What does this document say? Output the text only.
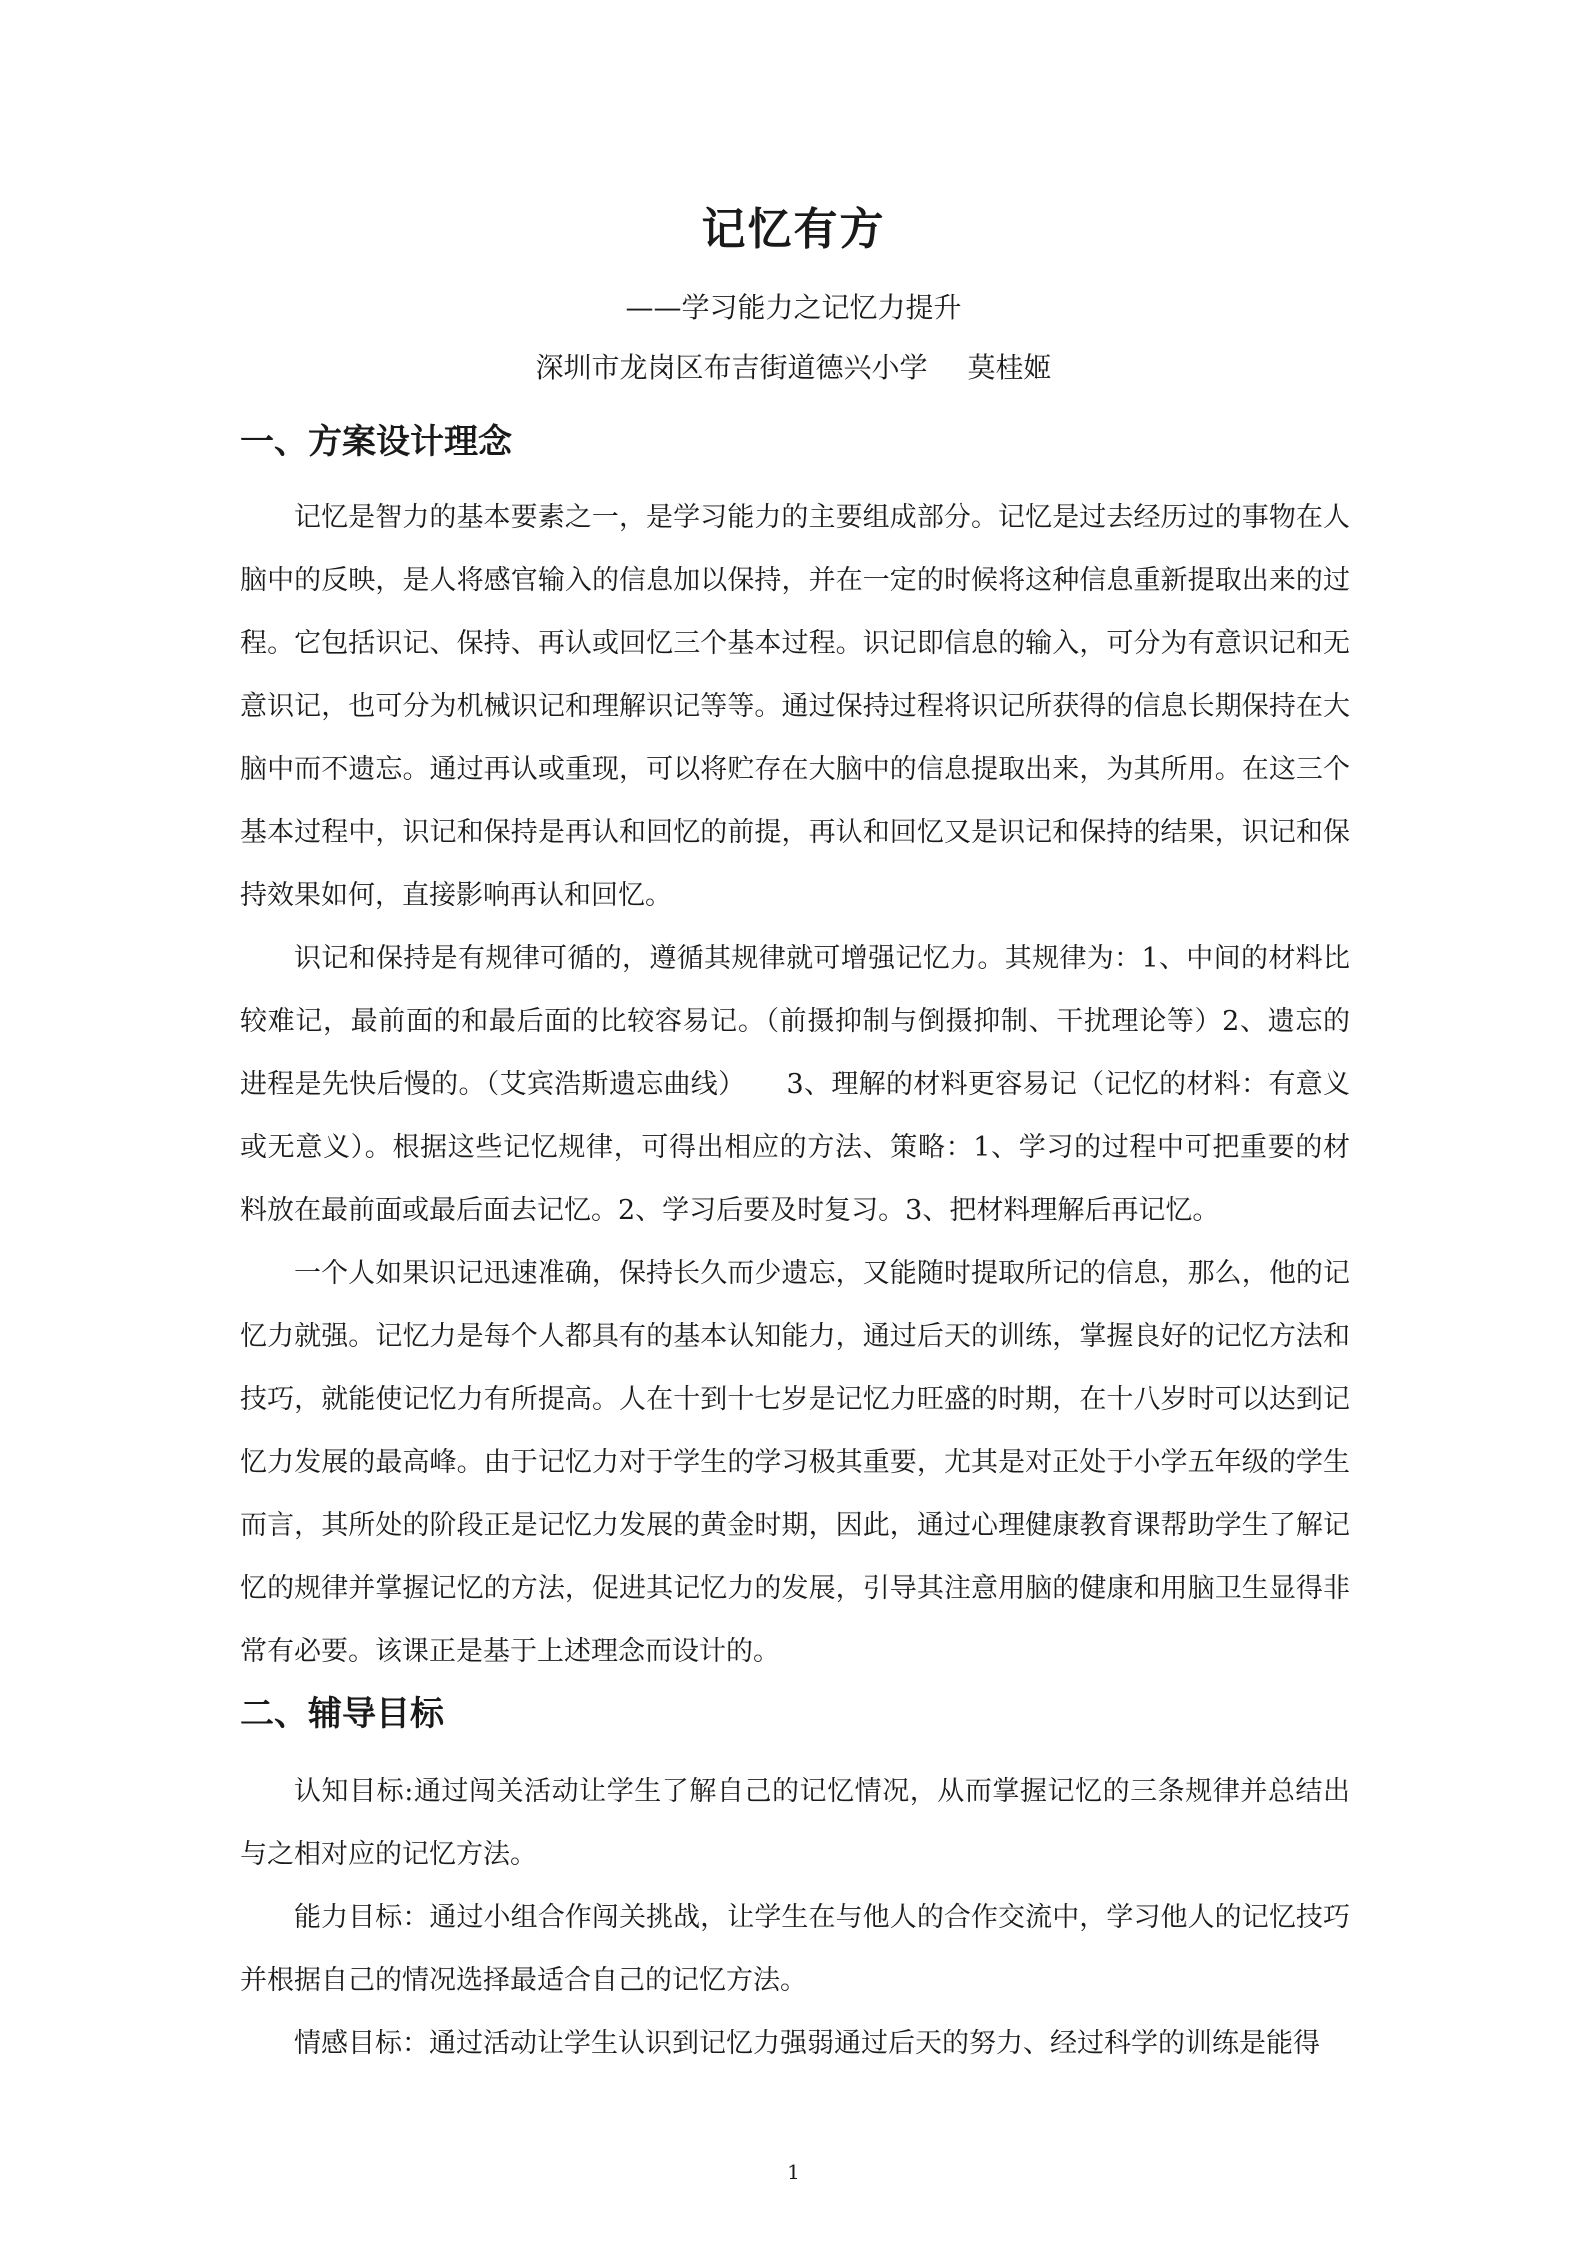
记忆有方
——学习能力之记忆力提升
深圳市龙岗区布吉街道德兴小学 莫桂姬
一、方案设计理念

记忆是智力的基本要素之一，是学习能力的主要组成部分。记忆是过去经历过的事物在人脑中的反映，是人将感官输入的信息加以保持，并在一定的时候将这种信息重新提取出来的过程。它包括识记、保持、再认或回忆三个基本过程。识记即信息的输入，可分为有意识记和无意识记，也可分为机械识记和理解识记等等。通过保持过程将识记所获得的信息长期保持在大脑中而不遗忘。通过再认或重现，可以将贮存在大脑中的信息提取出来，为其所用。在这三个基本过程中，识记和保持是再认和回忆的前提，再认和回忆又是识记和保持的结果，识记和保持效果如何，直接影响再认和回忆。

识记和保持是有规律可循的，遵循其规律就可增强记忆力。其规律为：1、中间的材料比较难记，最前面的和最后面的比较容易记。（前摄抑制与倒摄抑制、干扰理论等）2、遗忘的进程是先快后慢的。（艾宾浩斯遗忘曲线）　　3、理解的材料更容易记（记忆的材料：有意义或无意义）。根据这些记忆规律，可得出相应的方法、策略：1、学习的过程中可把重要的材料放在最前面或最后面去记忆。2、学习后要及时复习。3、把材料理解后再记忆。

一个人如果识记迅速准确，保持长久而少遗忘，又能随时提取所记的信息，那么，他的记忆力就强。记忆力是每个人都具有的基本认知能力，通过后天的训练，掌握良好的记忆方法和技巧，就能使记忆力有所提高。人在十到十七岁是记忆力旺盛的时期，在十八岁时可以达到记忆力发展的最高峰。由于记忆力对于学生的学习极其重要，尤其是对正处于小学五年级的学生而言，其所处的阶段正是记忆力发展的黄金时期，因此，通过心理健康教育课帮助学生了解记忆的规律并掌握记忆的方法，促进其记忆力的发展，引导其注意用脑的健康和用脑卫生显得非常有必要。该课正是基于上述理念而设计的。

二、辅导目标

认知目标:通过闯关活动让学生了解自己的记忆情况，从而掌握记忆的三条规律并总结出与之相对应的记忆方法。

能力目标：通过小组合作闯关挑战，让学生在与他人的合作交流中，学习他人的记忆技巧并根据自己的情况选择最适合自己的记忆方法。

情感目标：通过活动让学生认识到记忆力强弱通过后天的努力、经过科学的训练是能得

1
